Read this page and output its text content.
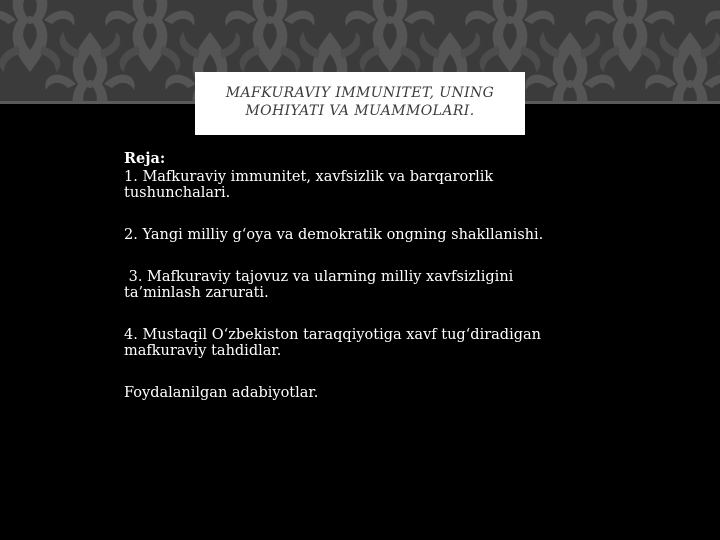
MAFKURAVIY IMMUNITET, UNING
MOHIYATI VA MUAMMOLARI.

Reja:

1. Mafkuraviy immunitet, xavfsizlik va barqarorlik tushunchalari.

2. Yangi milliy g‘oya va demokratik ongning shakllanishi.

3. Mafkuraviy tajovuz va ularning milliy xavfsizligini ta’minlash zarurati.

4. Mustaqil O‘zbekiston taraqqiyotiga xavf tug‘diradigan mafkuraviy tahdidlar.

Foydalanilgan adabiyotlar.
